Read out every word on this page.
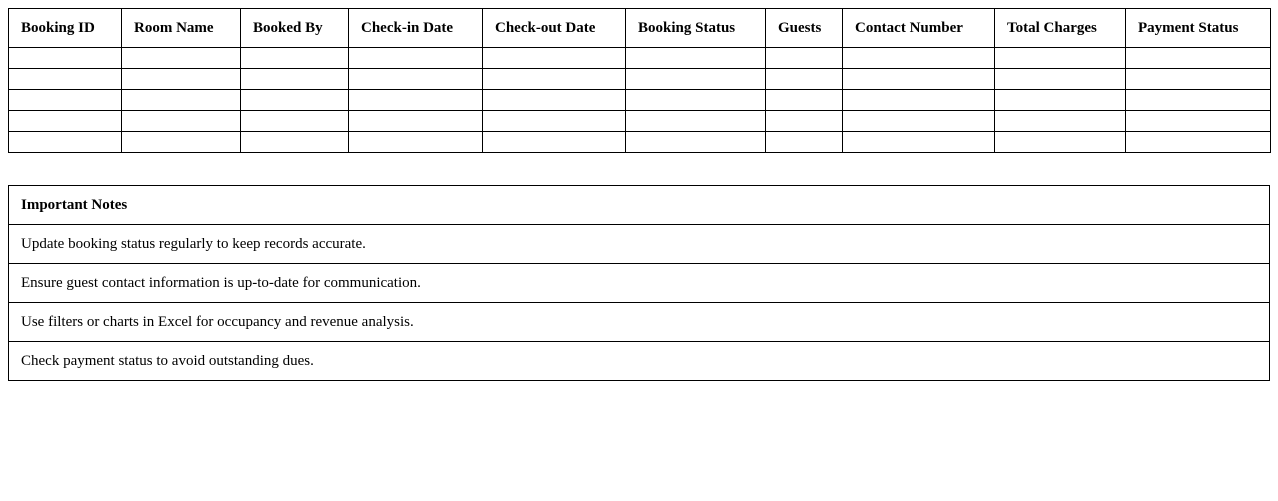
Booking ID	Room Name	Booked By	Check-in Date	Check-out Date	Booking Status	Guests	Contact Number	Total Charges	Payment Status

Important Notes
Update booking status regularly to keep records accurate.
Ensure guest contact information is up-to-date for communication.
Use filters or charts in Excel for occupancy and revenue analysis.
Check payment status to avoid outstanding dues.
